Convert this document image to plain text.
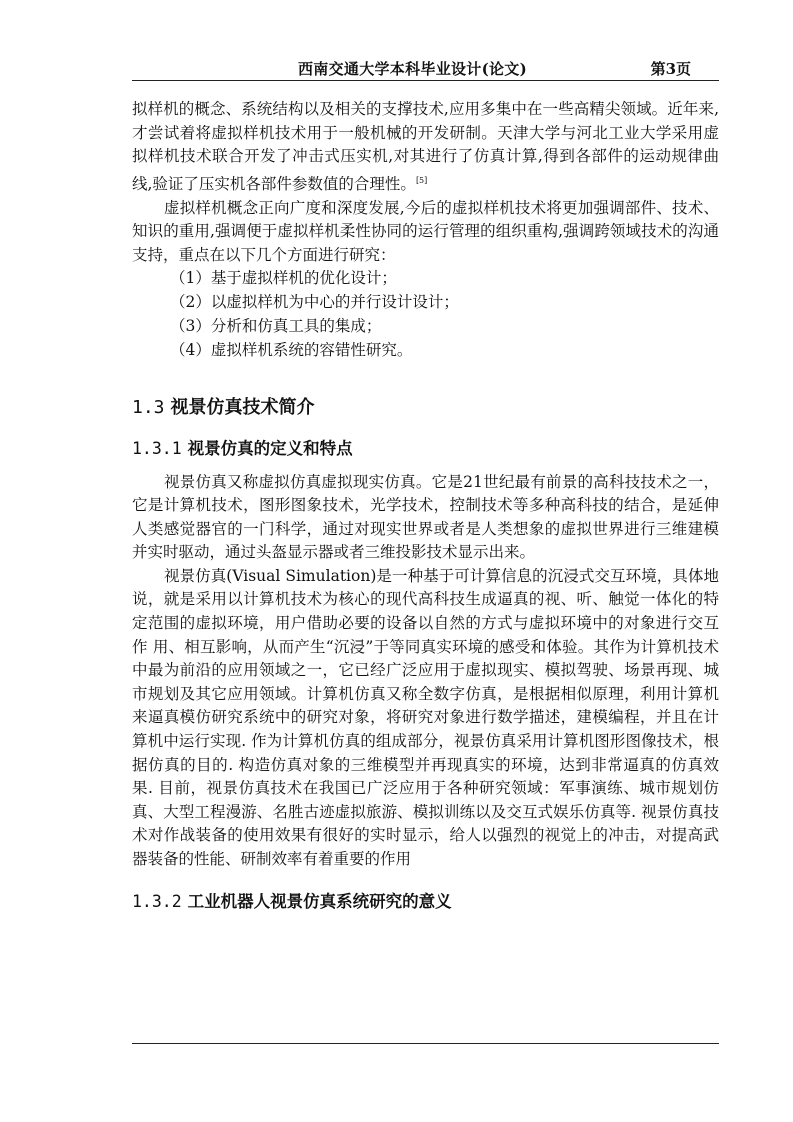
西南交通大学本科毕业设计(论文)	第3页

拟样机的概念、系统结构以及相关的支撑技术,应用多集中在一些高精尖领域。近年来,才尝试着将虚拟样机技术用于一般机械的开发研制。天津大学与河北工业大学采用虚拟样机技术联合开发了冲击式压实机,对其进行了仿真计算,得到各部件的运动规律曲线,验证了压实机各部件参数值的合理性。[5]

虚拟样机概念正向广度和深度发展,今后的虚拟样机技术将更加强调部件、技术、知识的重用,强调便于虚拟样机柔性协同的运行管理的组织重构,强调跨领域技术的沟通支持，重点在以下几个方面进行研究：

（1）基于虚拟样机的优化设计；
（2）以虚拟样机为中心的并行设计设计；
（3）分析和仿真工具的集成；
（4）虚拟样机系统的容错性研究。
1.3 视景仿真技术简介
1.3.1 视景仿真的定义和特点

视景仿真又称虚拟仿真虚拟现实仿真。它是21世纪最有前景的高科技技术之一，它是计算机技术，图形图象技术，光学技术，控制技术等多种高科技的结合，是延伸人类感觉器官的一门科学，通过对现实世界或者是人类想象的虚拟世界进行三维建模并实时驱动，通过头盔显示器或者三维投影技术显示出来。

视景仿真(Visual Simulation)是一种基于可计算信息的沉浸式交互环境，具体地说，就是采用以计算机技术为核心的现代高科技生成逼真的视、听、触觉一体化的特定范围的虚拟环境，用户借助必要的设备以自然的方式与虚拟环境中的对象进行交互作 用、相互影响，从而产生“沉浸”于等同真实环境的感受和体验。其作为计算机技术中最为前沿的应用领域之一，它已经广泛应用于虚拟现实、模拟驾驶、场景再现、城市规划及其它应用领域。计算机仿真又称全数字仿真，是根据相似原理，利用计算机来逼真模仿研究系统中的研究对象，将研究对象进行数学描述，建模编程，并且在计算机中运行实现. 作为计算机仿真的组成部分，视景仿真采用计算机图形图像技术，根据仿真的目的. 构造仿真对象的三维模型并再现真实的环境，达到非常逼真的仿真效果. 目前，视景仿真技术在我国已广泛应用于各种研究领域：军事演练、城市规划仿真、大型工程漫游、名胜古迹虚拟旅游、模拟训练以及交互式娱乐仿真等. 视景仿真技术对作战装备的使用效果有很好的实时显示，给人以强烈的视觉上的冲击，对提高武器装备的性能、研制效率有着重要的作用

1.3.2 工业机器人视景仿真系统研究的意义
